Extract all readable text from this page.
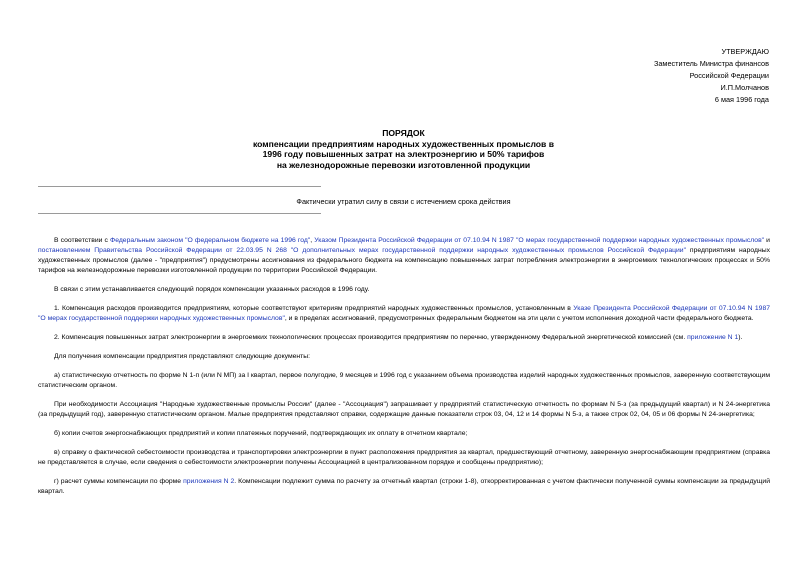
УТВЕРЖДАЮ
Заместитель Министра финансов
Российской Федерации
И.П.Молчанов
6 мая 1996 года
ПОРЯДОК
компенсации предприятиям народных художественных промыслов в
1996 году повышенных затрат на электроэнергию и 50% тарифов
на железнодорожные перевозки изготовленной продукции
Фактически утратил силу в связи с истечением срока действия

В соответствии с Федеральным законом "О федеральном бюджете на 1996 год", Указом Президента Российской Федерации от 07.10.94 N 1987 "О мерах государственной поддержки народных художественных промыслов" и постановлением Правительства Российской Федерации от 22.03.95 N 268 "О дополнительных мерах государственной поддержки народных художественных промыслов Российской Федерации" предприятиям народных художественных промыслов (далее - "предприятия") предусмотрены ассигнования из федерального бюджета на компенсацию повышенных затрат потребления электроэнергии в энергоемких технологических процессах и 50% тарифов на железнодорожные перевозки изготовленной продукции по территории Российской Федерации.

В связи с этим устанавливается следующий порядок компенсации указанных расходов в 1996 году.

1. Компенсация расходов производится предприятиям, которые соответствуют критериям предприятий народных художественных промыслов, установленным в Указе Президента Российской Федерации от 07.10.94 N 1987 "О мерах государственной поддержки народных художественных промыслов", и в пределах ассигнований, предусмотренных федеральным бюджетом на эти цели с учетом исполнения доходной части федерального бюджета.

2. Компенсация повышенных затрат электроэнергии в энергоемких технологических процессах производится предприятиям по перечню, утвержденному Федеральной энергетической комиссией (см. приложение N 1).

Для получения компенсации предприятия представляют следующие документы:

а) статистическую отчетность по форме N 1-п (или N МП) за I квартал, первое полугодие, 9 месяцев и 1996 год с указанием объема производства изделий народных художественных промыслов, заверенную соответствующим статистическим органом.

При необходимости Ассоциация "Народные художественные промыслы России" (далее - "Ассоциация") запрашивает у предприятий статистическую отчетность по формам N 5-з (за предыдущий квартал) и N 24-энергетика (за предыдущий год), заверенную статистическим органом. Малые предприятия представляют справки, содержащие данные показатели строк 03, 04, 12 и 14 формы N 5-з, а также строк 02, 04, 05 и 06 формы N 24-энергетика;

б) копии счетов энергоснабжающих предприятий и копии платежных поручений, подтверждающих их оплату в отчетном квартале;

в) справку о фактической себестоимости производства и транспортировки электроэнергии в пункт расположения предприятия за квартал, предшествующий отчетному, заверенную энергоснабжающим предприятием (справка не представляется в случае, если сведения о себестоимости электроэнергии получены Ассоциацией в централизованном порядке и сообщены предприятию);

г) расчет суммы компенсации по форме приложения N 2. Компенсации подлежит сумма по расчету за отчетный квартал (строки 1-8), откорректированная с учетом фактически полученной суммы компенсации за предыдущий квартал.
